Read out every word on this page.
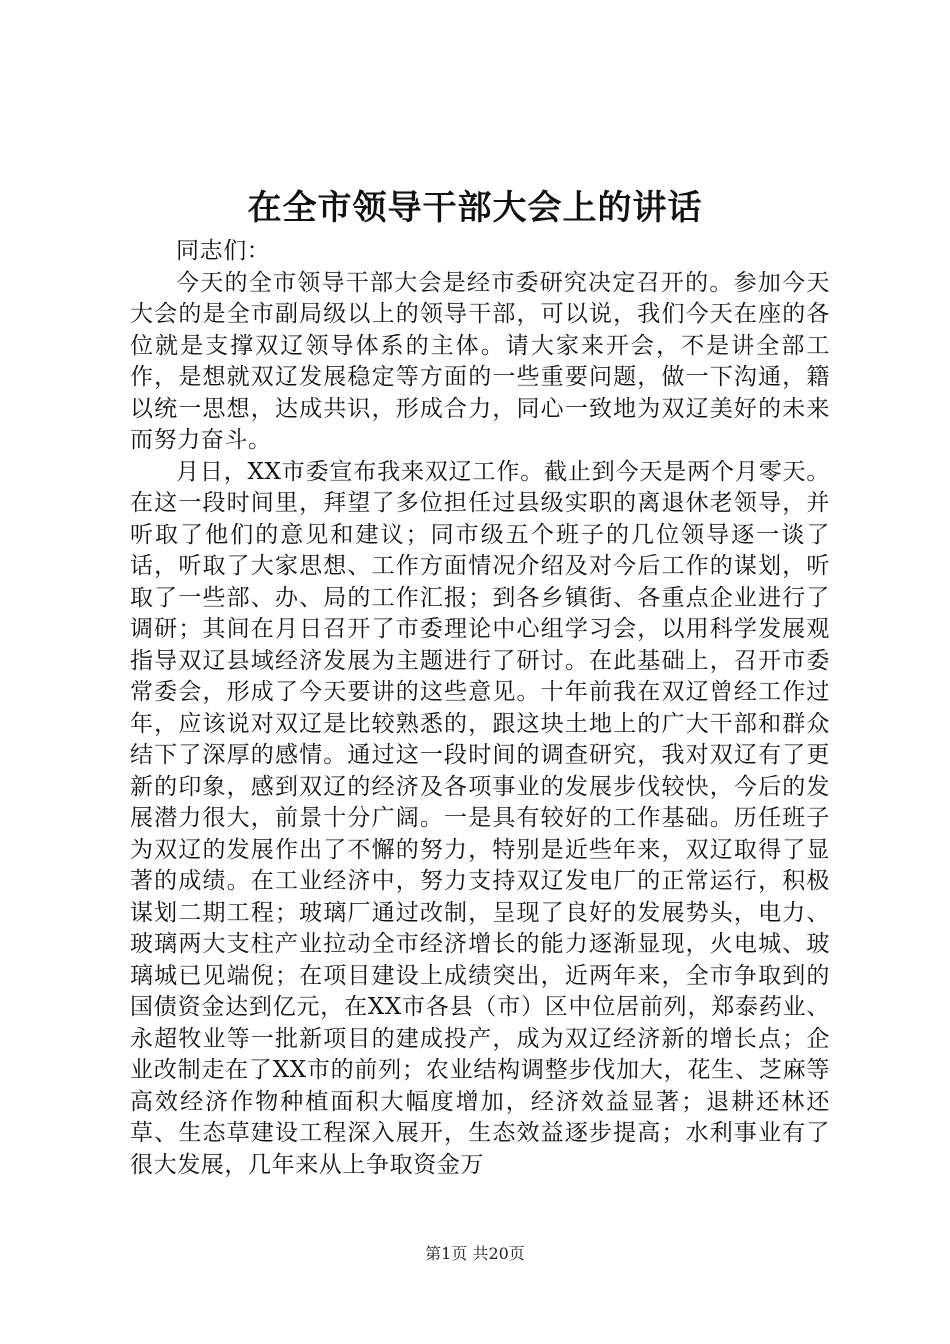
在全市领导干部大会上的讲话

同志们：

今天的全市领导干部大会是经市委研究决定召开的。参加今天大会的是全市副局级以上的领导干部，可以说，我们今天在座的各位就是支撑双辽领导体系的主体。请大家来开会，不是讲全部工作，是想就双辽发展稳定等方面的一些重要问题，做一下沟通，籍以统一思想，达成共识，形成合力，同心一致地为双辽美好的未来而努力奋斗。

月日，XX市委宣布我来双辽工作。截止到今天是两个月零天。在这一段时间里，拜望了多位担任过县级实职的离退休老领导，并听取了他们的意见和建议；同市级五个班子的几位领导逐一谈了话，听取了大家思想、工作方面情况介绍及对今后工作的谋划，听取了一些部、办、局的工作汇报；到各乡镇街、各重点企业进行了调研；其间在月日召开了市委理论中心组学习会，以用科学发展观指导双辽县域经济发展为主题进行了研讨。在此基础上，召开市委常委会，形成了今天要讲的这些意见。十年前我在双辽曾经工作过年，应该说对双辽是比较熟悉的，跟这块土地上的广大干部和群众结下了深厚的感情。通过这一段时间的调查研究，我对双辽有了更新的印象，感到双辽的经济及各项事业的发展步伐较快，今后的发展潜力很大，前景十分广阔。一是具有较好的工作基础。历任班子为双辽的发展作出了不懈的努力，特别是近些年来，双辽取得了显著的成绩。在工业经济中，努力支持双辽发电厂的正常运行，积极谋划二期工程；玻璃厂通过改制，呈现了良好的发展势头，电力、玻璃两大支柱产业拉动全市经济增长的能力逐渐显现，火电城、玻璃城已见端倪；在项目建设上成绩突出，近两年来，全市争取到的国债资金达到亿元，在XX市各县（市）区中位居前列，郑泰药业、永超牧业等一批新项目的建成投产，成为双辽经济新的增长点；企业改制走在了XX市的前列；农业结构调整步伐加大，花生、芝麻等高效经济作物种植面积大幅度增加，经济效益显著；退耕还林还草、生态草建设工程深入展开，生态效益逐步提高；水利事业有了很大发展，几年来从上争取资金万

第1页 共20页
